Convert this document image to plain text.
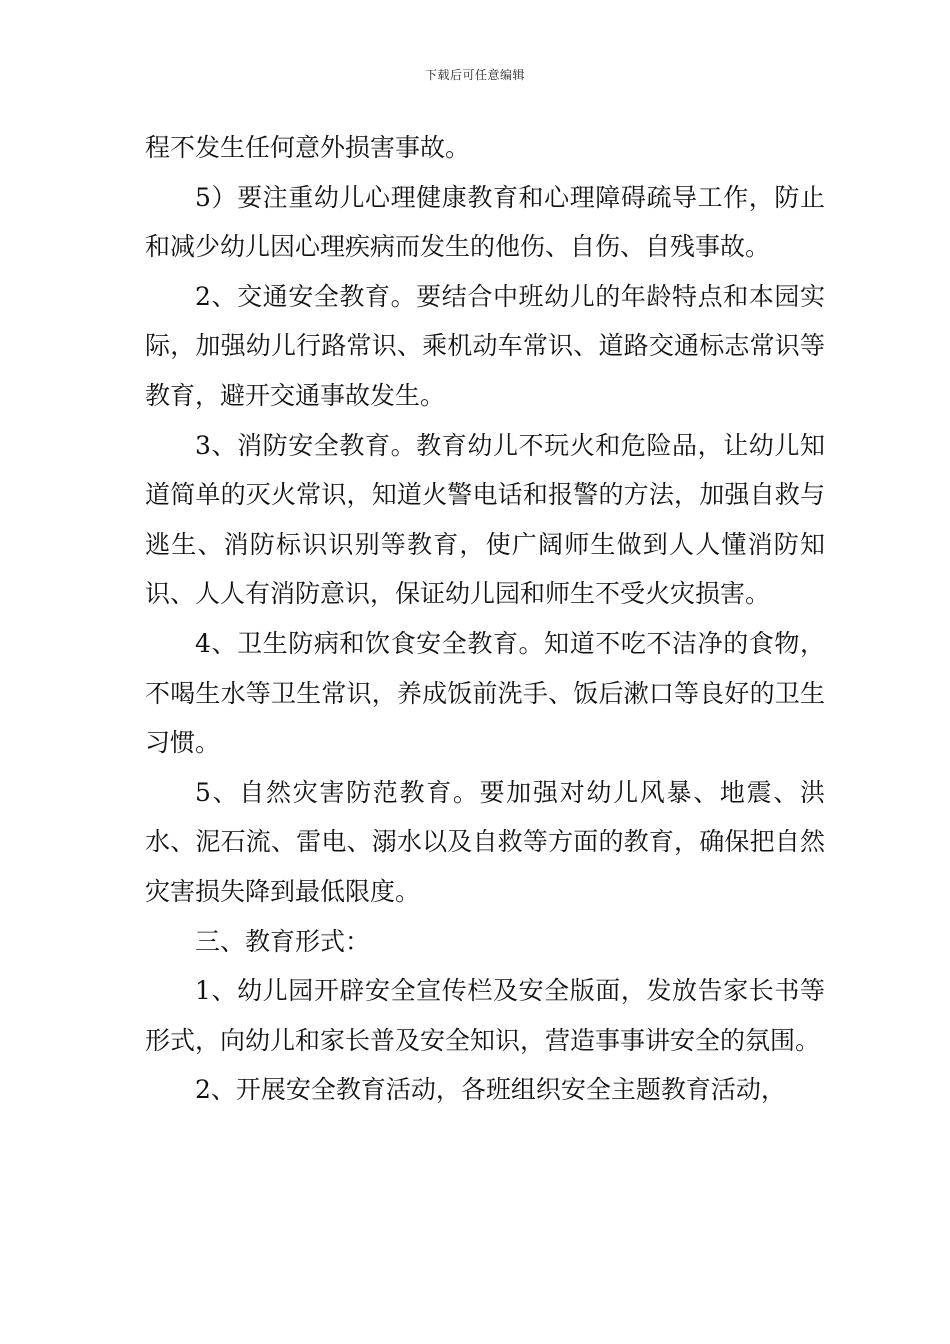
下载后可任意编辑

程不发生任何意外损害事故。

5）要注重幼儿心理健康教育和心理障碍疏导工作，防止和减少幼儿因心理疾病而发生的他伤、自伤、自残事故。

2、交通安全教育。要结合中班幼儿的年龄特点和本园实际，加强幼儿行路常识、乘机动车常识、道路交通标志常识等教育，避开交通事故发生。

3、消防安全教育。教育幼儿不玩火和危险品，让幼儿知道简单的灭火常识，知道火警电话和报警的方法，加强自救与逃生、消防标识识别等教育，使广阔师生做到人人懂消防知识、人人有消防意识，保证幼儿园和师生不受火灾损害。

4、卫生防病和饮食安全教育。知道不吃不洁净的食物，不喝生水等卫生常识，养成饭前洗手、饭后漱口等良好的卫生习惯。

5、自然灾害防范教育。要加强对幼儿风暴、地震、洪水、泥石流、雷电、溺水以及自救等方面的教育，确保把自然灾害损失降到最低限度。

三、教育形式：

1、幼儿园开辟安全宣传栏及安全版面，发放告家长书等形式，向幼儿和家长普及安全知识，营造事事讲安全的氛围。

2、开展安全教育活动，各班组织安全主题教育活动，
